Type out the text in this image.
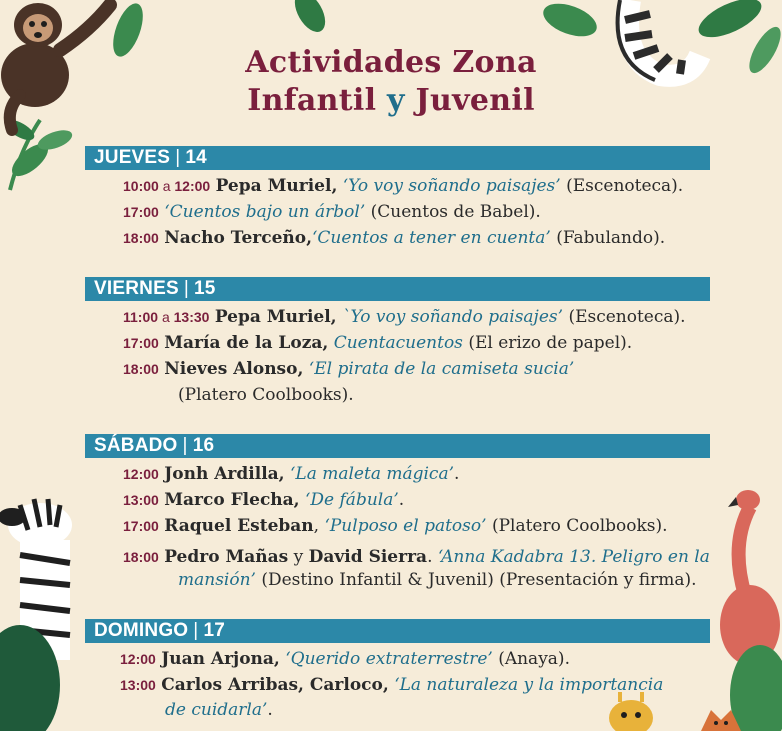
Actividades Zona
Infantil y Juvenil
JUEVES | 14
10:00 a 12:00 Pepa Muriel, ‘Yo voy soñando paisajes’ (Escenoteca).
17:00 ‘Cuentos bajo un árbol’ (Cuentos de Babel).
18:00 Nacho Terceño,‘Cuentos a tener en cuenta’ (Fabulando).
VIERNES | 15
11:00 a 13:30 Pepa Muriel, `Yo voy soñando paisajes’ (Escenoteca).
17:00 María de la Loza, Cuentacuentos (El erizo de papel).
18:00 Nieves Alonso, ‘El pirata de la camiseta sucia’
(Platero Coolbooks).
SÁBADO | 16
12:00 Jonh Ardilla, ‘La maleta mágica’.
13:00 Marco Flecha, ‘De fábula’.
17:00 Raquel Esteban, ‘Pulposo el patoso’ (Platero Coolbooks).
18:00 Pedro Mañas y David Sierra. ‘Anna Kadabra 13. Peligro en la
mansión’ (Destino Infantil & Juvenil) (Presentación y firma).
DOMINGO | 17
12:00 Juan Arjona, ‘Querido extraterrestre’ (Anaya).
13:00 Carlos Arribas, Carloco, ‘La naturaleza y la importancia
de cuidarla’.
